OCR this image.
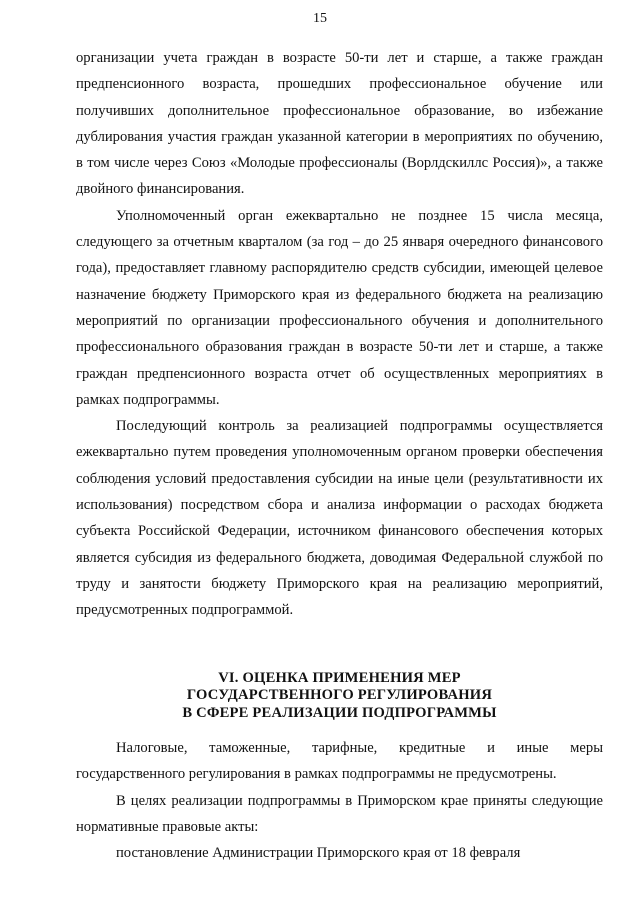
15

организации учета граждан в возрасте 50-ти лет и старше, а также граждан предпенсионного возраста, прошедших профессиональное обучение или получивших дополнительное профессиональное образование, во избежание дублирования участия граждан указанной категории в мероприятиях по обучению, в том числе через Союз «Молодые профессионалы (Ворлдскиллс Россия)», а также двойного финансирования.

Уполномоченный орган ежеквартально не позднее 15 числа месяца, следующего за отчетным кварталом (за год – до 25 января очередного финансового года), предоставляет главному распорядителю средств субсидии, имеющей целевое назначение бюджету Приморского края из федерального бюджета на реализацию мероприятий по организации профессионального обучения и дополнительного профессионального образования граждан в возрасте 50-ти лет и старше, а также граждан предпенсионного возраста отчет об осуществленных мероприятиях в рамках подпрограммы.

Последующий контроль за реализацией подпрограммы осуществляется ежеквартально путем проведения уполномоченным органом проверки обеспечения соблюдения условий предоставления субсидии на иные цели (результативности их использования) посредством сбора и анализа информации о расходах бюджета субъекта Российской Федерации, источником финансового обеспечения которых является субсидия из федерального бюджета, доводимая Федеральной службой по труду и занятости бюджету Приморского края на реализацию мероприятий, предусмотренных подпрограммой.

VI. ОЦЕНКА ПРИМЕНЕНИЯ МЕР
ГОСУДАРСТВЕННОГО РЕГУЛИРОВАНИЯ
В СФЕРЕ РЕАЛИЗАЦИИ ПОДПРОГРАММЫ

Налоговые, таможенные, тарифные, кредитные и иные меры государственного регулирования в рамках подпрограммы не предусмотрены.

В целях реализации подпрограммы в Приморском крае приняты следующие нормативные правовые акты:

постановление Администрации Приморского края от 18 февраля
